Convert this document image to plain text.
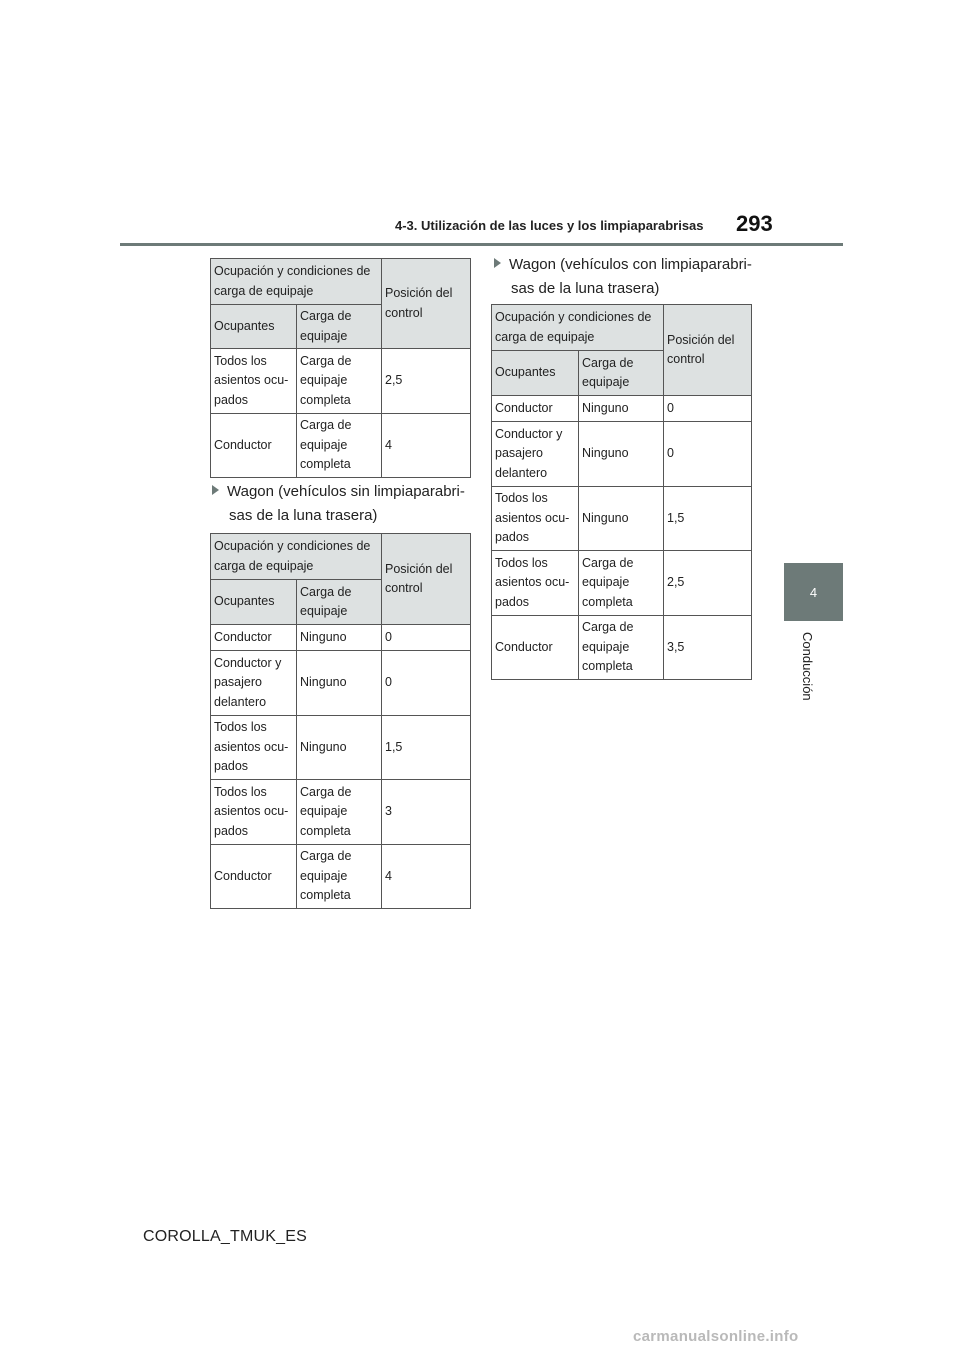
4-3. Utilización de las luces y los limpiaparabrisas	293
4
Conducción
Ocupación y condiciones de carga de equipaje		Posición del control
Ocupantes	Carga de equipaje	
Todos los asientos ocu-pados	Carga de equipaje completa	2,5
Conductor	Carga de equipaje completa	4
Wagon (vehículos sin limpiaparabri-
sas de la luna trasera)
Ocupación y condiciones de carga de equipaje		Posición del control
Ocupantes	Carga de equipaje	
Conductor	Ninguno	0
Conductor y pasajero delantero	Ninguno	0
Todos los asientos ocu-pados	Ninguno	1,5
Todos los asientos ocu-pados	Carga de equipaje completa	3
Conductor	Carga de equipaje completa	4
Wagon (vehículos con limpiaparabri-
sas de la luna trasera)
Ocupación y condiciones de carga de equipaje		Posición del control
Ocupantes	Carga de equipaje	
Conductor	Ninguno	0
Conductor y pasajero delantero	Ninguno	0
Todos los asientos ocu-pados	Ninguno	1,5
Todos los asientos ocu-pados	Carga de equipaje completa	2,5
Conductor	Carga de equipaje completa	3,5
COROLLA_TMUK_ES
carmanualsonline.info
